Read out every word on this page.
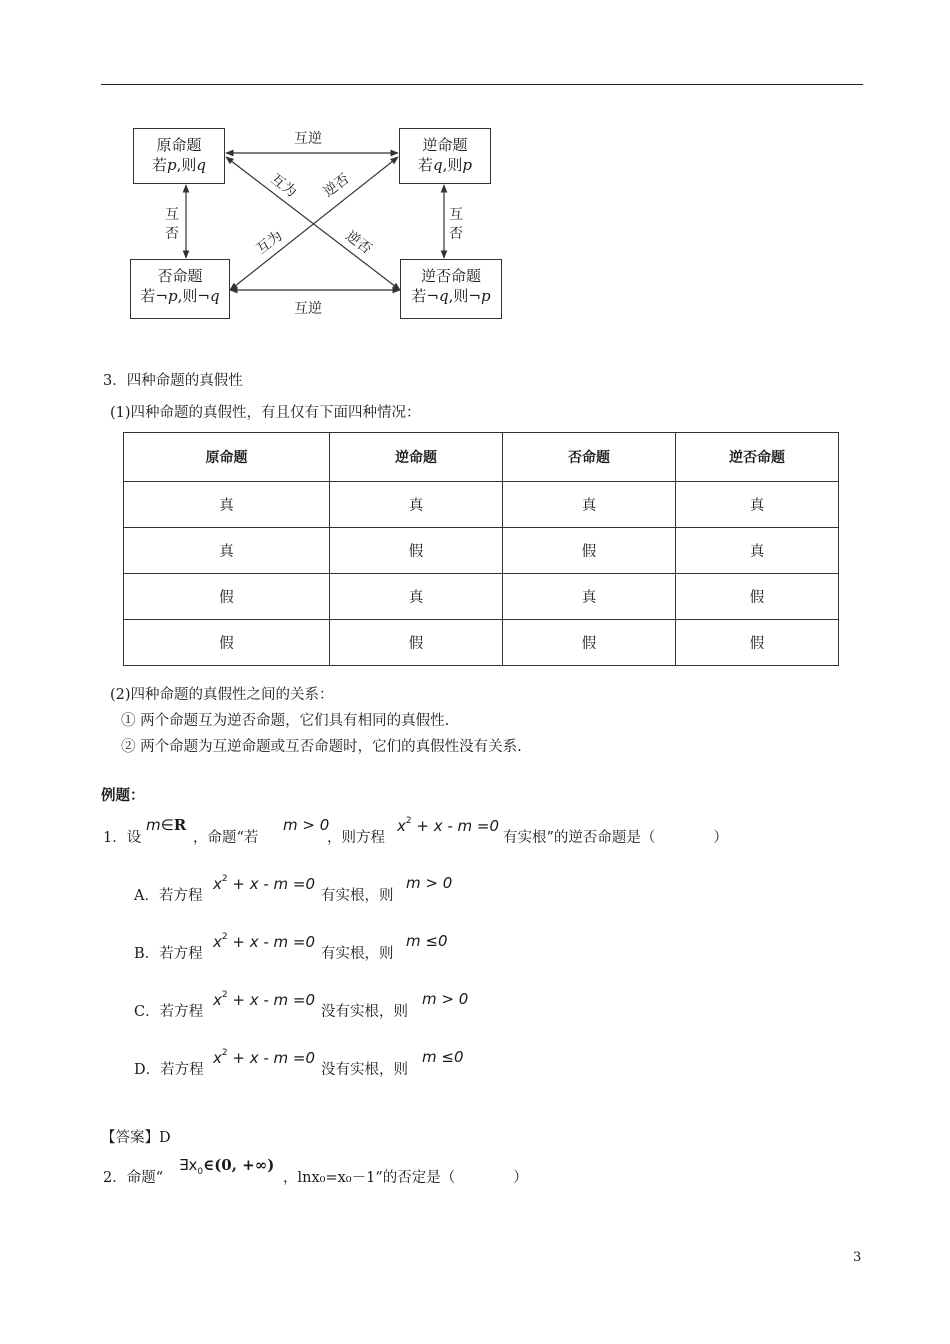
原命题
若p,则q
逆命题
若q,则p
否命题
若¬p,则¬q
逆否命题
若¬q,则¬p
互逆
互逆
互
否
互
否
互为 逆否
互为	逆否
3．四种命题的真假性
(1)四种命题的真假性，有且仅有下面四种情况：
原命题	逆命题	否命题	逆否命题
真	真	真	真
真	假	假	真
假	真	真	假
假	假	假	假
(2)四种命题的真假性之间的关系：
① 两个命题互为逆否命题，它们具有相同的真假性.
② 两个命题为互逆命题或互否命题时，它们的真假性没有关系.
例题：
1．设
m∈R
，命题“若
m > 0
，则方程
$x^2 + x - m =0$
有实根”的逆否命题是（　　　　）
A．若方程
$x^2 + x - m =0$
有实根，则
m > 0
B．若方程
$x^2 + x - m =0$
有实根，则
m ≤0
C．若方程
$x^2 + x - m =0$
没有实根，则
m > 0
D．若方程
$x^2 + x - m =0$
没有实根，则
m ≤0
【答案】D
2．命题“
$\exists x_0\in(0$, +∞)
，lnx₀=x₀－1”的否定是（　　　　）
3
